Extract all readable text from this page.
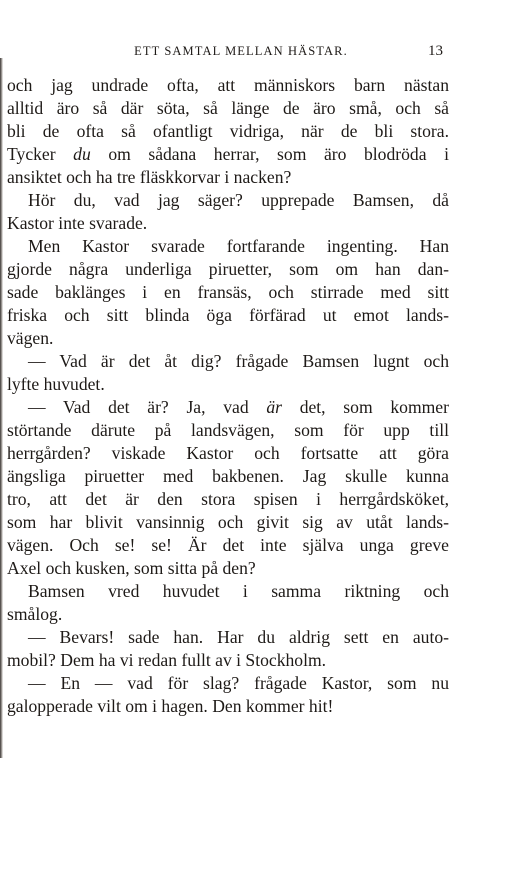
ETT SAMTAL MELLAN HÄSTAR.	13
och jag undrade ofta, att människors barn nästan
alltid äro så där söta, så länge de äro små, och så
bli de ofta så ofantligt vidriga, när de bli stora.
Tycker du om sådana herrar, som äro blodröda i
ansiktet och ha tre fläskkorvar i nacken?
Hör du, vad jag säger? upprepade Bamsen, då
Kastor inte svarade.
Men Kastor svarade fortfarande ingenting. Han
gjorde några underliga piruetter, som om han dan-
sade baklänges i en fransäs, och stirrade med sitt
friska och sitt blinda öga förfärad ut emot lands-
vägen.
— Vad är det åt dig? frågade Bamsen lugnt och
lyfte huvudet.
— Vad det är? Ja, vad är det, som kommer
störtande därute på landsvägen, som för upp till
herrgården? viskade Kastor och fortsatte att göra
ängsliga piruetter med bakbenen. Jag skulle kunna
tro, att det är den stora spisen i herrgårdsköket,
som har blivit vansinnig och givit sig av utåt lands-
vägen. Och se! se! Är det inte själva unga greve
Axel och kusken, som sitta på den?
Bamsen vred huvudet i samma riktning och
smålog.
— Bevars! sade han. Har du aldrig sett en auto-
mobil? Dem ha vi redan fullt av i Stockholm.
— En — vad för slag? frågade Kastor, som nu
galopperade vilt om i hagen. Den kommer hit!
